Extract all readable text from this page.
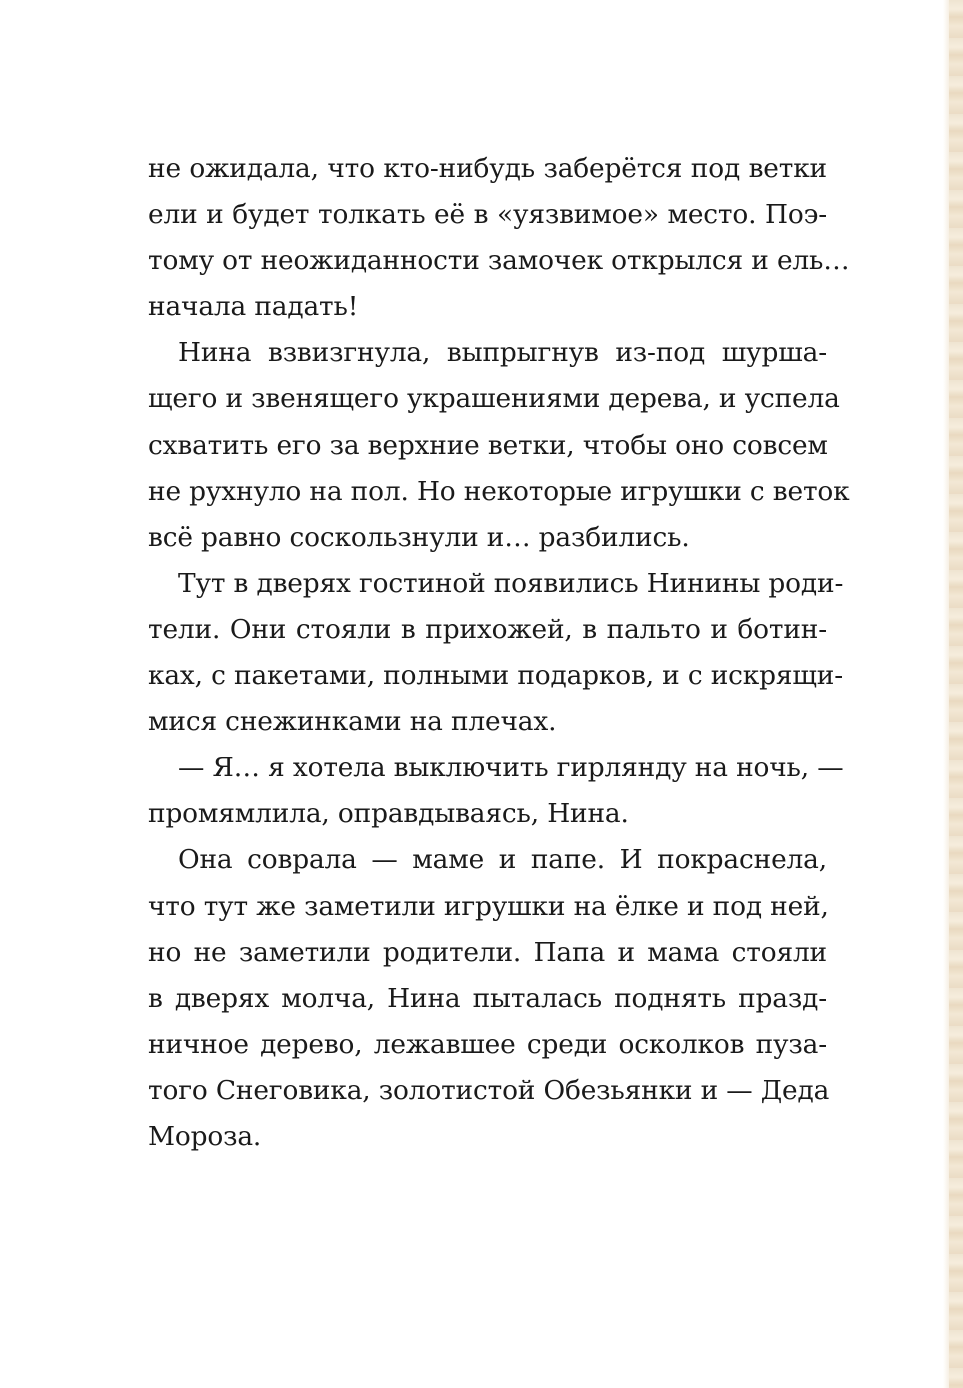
не ожидала, что кто-нибудь заберётся под ветки
ели и будет толкать её в «уязвимое» место. Поэ-
тому от неожиданности замочек открылся и ель…
начала падать!
Нина взвизгнула, выпрыгнув из-под шурша-
щего и звенящего украшениями дерева, и успела
схватить его за верхние ветки, чтобы оно совсем
не рухнуло на пол. Но некоторые игрушки с веток
всё равно соскользнули и… разбились.
Тут в дверях гостиной появились Нинины роди-
тели. Они стояли в прихожей, в пальто и ботин-
ках, с пакетами, полными подарков, и с искрящи-
мися снежинками на плечах.
— Я… я хотела выключить гирлянду на ночь, —
промямлила, оправдываясь, Нина.
Она соврала — маме и папе. И покраснела,
что тут же заметили игрушки на ёлке и под ней,
но не заметили родители. Папа и мама стояли
в дверях молча, Нина пыталась поднять празд-
ничное дерево, лежавшее среди осколков пуза-
того Снеговика, золотистой Обезьянки и — Деда
Мороза.
